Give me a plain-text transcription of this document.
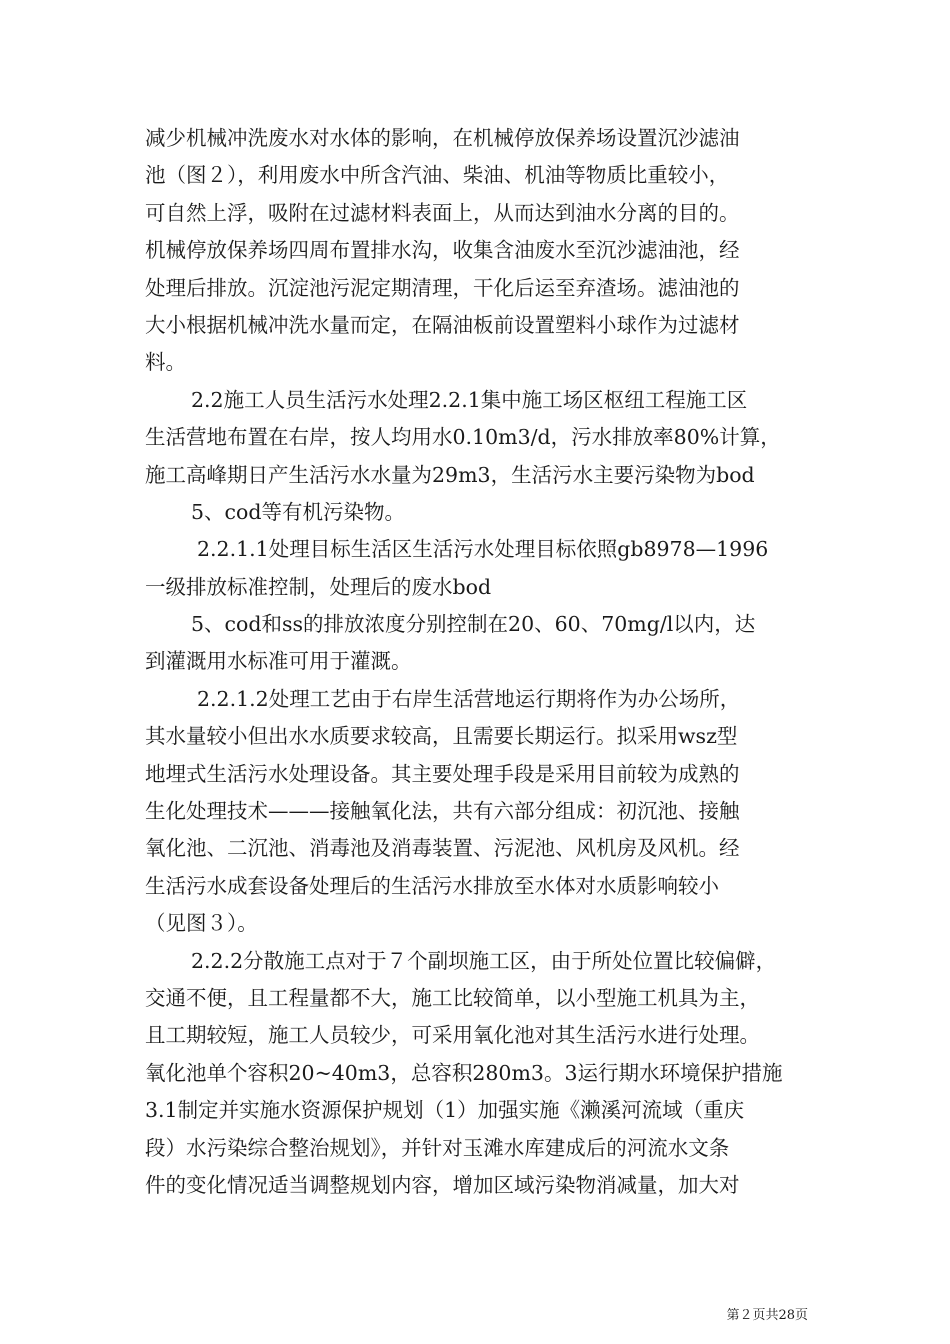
减少机械冲洗废水对水体的影响，在机械停放保养场设置沉沙滤油
池（图２），利用废水中所含汽油、柴油、机油等物质比重较小，
可自然上浮，吸附在过滤材料表面上，从而达到油水分离的目的。
机械停放保养场四周布置排水沟，收集含油废水至沉沙滤油池，经
处理后排放。沉淀池污泥定期清理，干化后运至弃渣场。滤油池的
大小根据机械冲洗水量而定，在隔油板前设置塑料小球作为过滤材
料。
2.2施工人员生活污水处理2.2.1集中施工场区枢纽工程施工区
生活营地布置在右岸，按人均用水0.10m3/d，污水排放率80%计算，
施工高峰期日产生活污水水量为29m3，生活污水主要污染物为bod
5、cod等有机污染物。
2.2.1.1处理目标生活区生活污水处理目标依照gb8978—1996
一级排放标准控制，处理后的废水bod
5、cod和ss的排放浓度分别控制在20、60、70mg/l以内，达
到灌溉用水标准可用于灌溉。
2.2.1.2处理工艺由于右岸生活营地运行期将作为办公场所，
其水量较小但出水水质要求较高，且需要长期运行。拟采用wsz型
地埋式生活污水处理设备。其主要处理手段是采用目前较为成熟的
生化处理技术———接触氧化法，共有六部分组成：初沉池、接触
氧化池、二沉池、消毒池及消毒装置、污泥池、风机房及风机。经
生活污水成套设备处理后的生活污水排放至水体对水质影响较小
（见图３）。
2.2.2分散施工点对于７个副坝施工区，由于所处位置比较偏僻，
交通不便，且工程量都不大，施工比较简单，以小型施工机具为主，
且工期较短，施工人员较少，可采用氧化池对其生活污水进行处理。
氧化池单个容积20~40m3，总容积280m3。3运行期水环境保护措施
3.1制定并实施水资源保护规划（1）加强实施《濑溪河流域（重庆
段）水污染综合整治规划》，并针对玉滩水库建成后的河流水文条
件的变化情况适当调整规划内容，增加区域污染物消减量，加大对
第２页共28页
